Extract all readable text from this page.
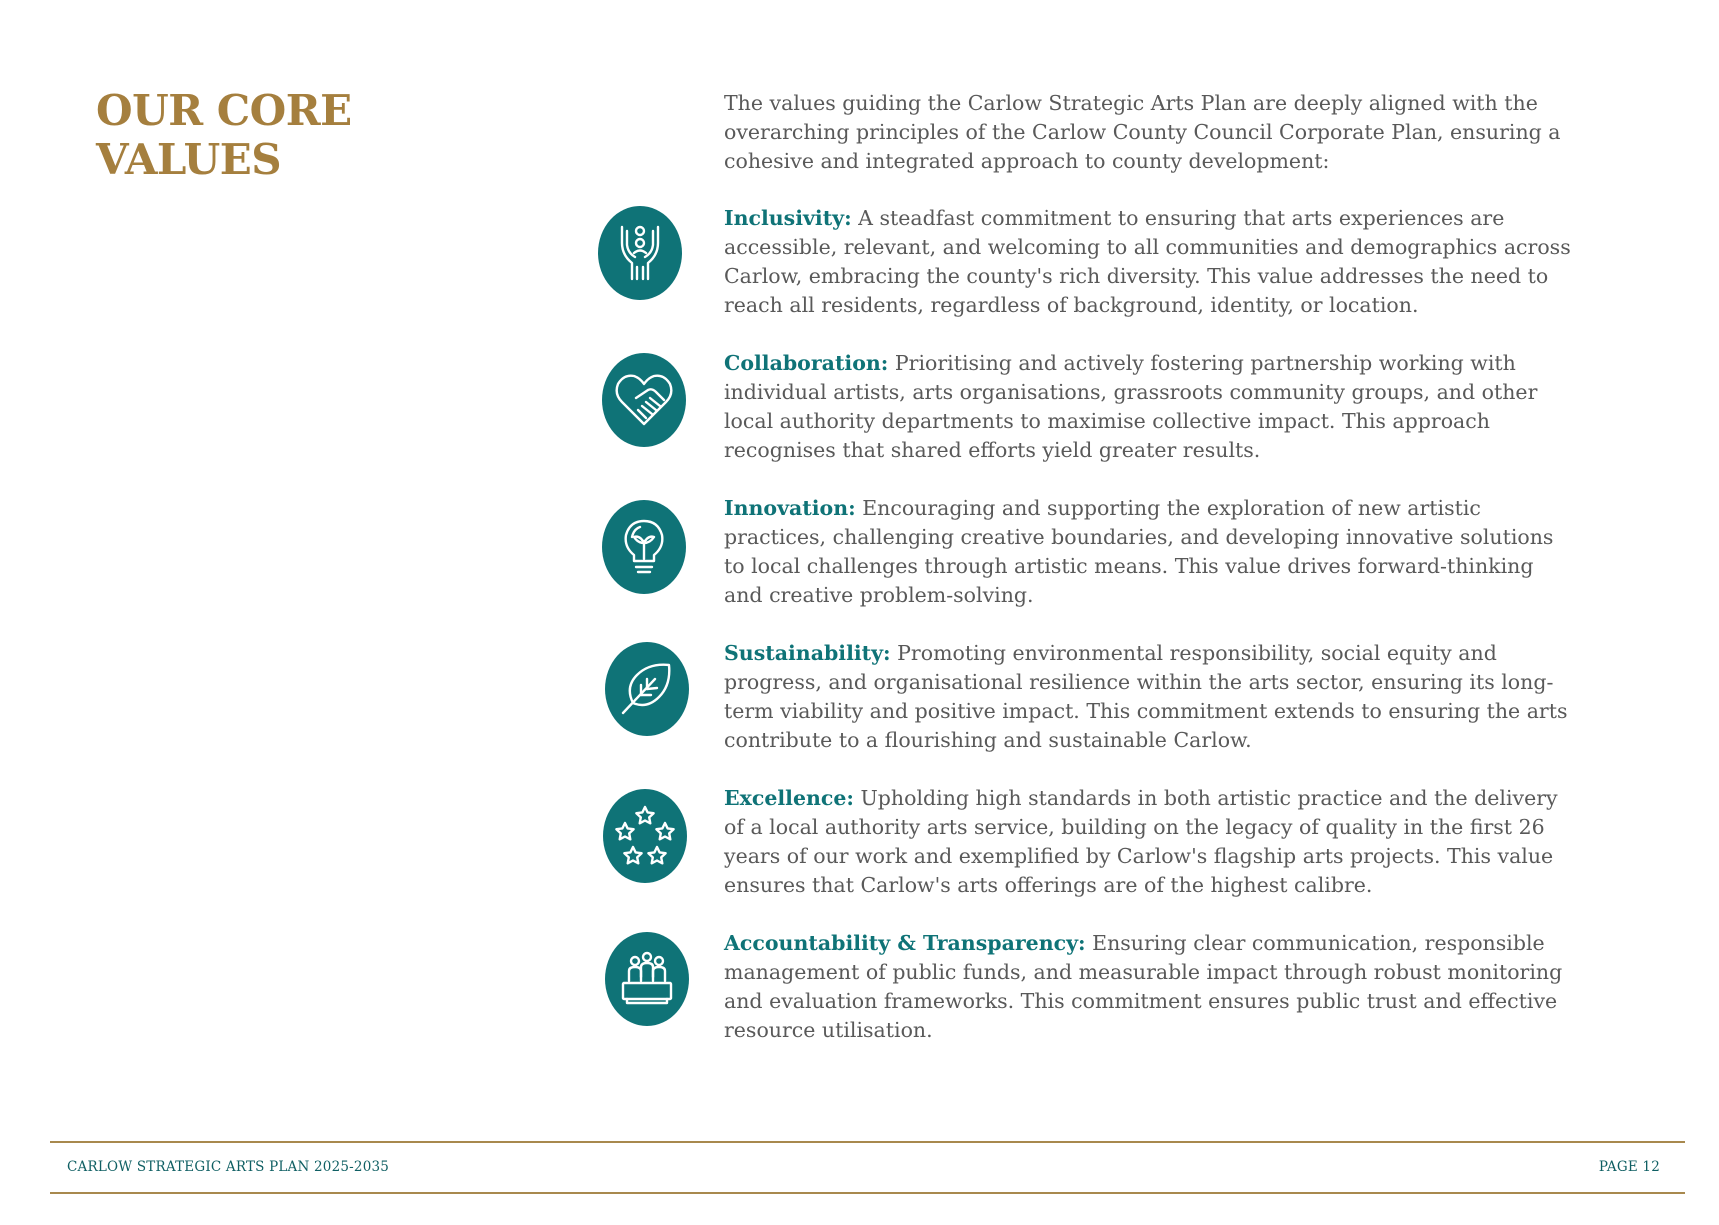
OUR CORE
VALUES

The values guiding the Carlow Strategic Arts Plan are deeply aligned with the overarching principles of the Carlow County Council Corporate Plan, ensuring a cohesive and integrated approach to county development:

Inclusivity: A steadfast commitment to ensuring that arts experiences are accessible, relevant, and welcoming to all communities and demographics across Carlow, embracing the county's rich diversity. This value addresses the need to reach all residents, regardless of background, identity, or location.

Collaboration: Prioritising and actively fostering partnership working with individual artists, arts organisations, grassroots community groups, and other local authority departments to maximise collective impact. This approach recognises that shared efforts yield greater results.

Innovation: Encouraging and supporting the exploration of new artistic practices, challenging creative boundaries, and developing innovative solutions to local challenges through artistic means. This value drives forward-thinking and creative problem-solving.

Sustainability: Promoting environmental responsibility, social equity and progress, and organisational resilience within the arts sector, ensuring its long-term viability and positive impact. This commitment extends to ensuring the arts contribute to a flourishing and sustainable Carlow.

Excellence: Upholding high standards in both artistic practice and the delivery of a local authority arts service, building on the legacy of quality in the first 26 years of our work and exemplified by Carlow's flagship arts projects. This value ensures that Carlow's arts offerings are of the highest calibre.

Accountability & Transparency: Ensuring clear communication, responsible management of public funds, and measurable impact through robust monitoring and evaluation frameworks. This commitment ensures public trust and effective resource utilisation.

CARLOW STRATEGIC ARTS PLAN 2025-2035	PAGE 12
